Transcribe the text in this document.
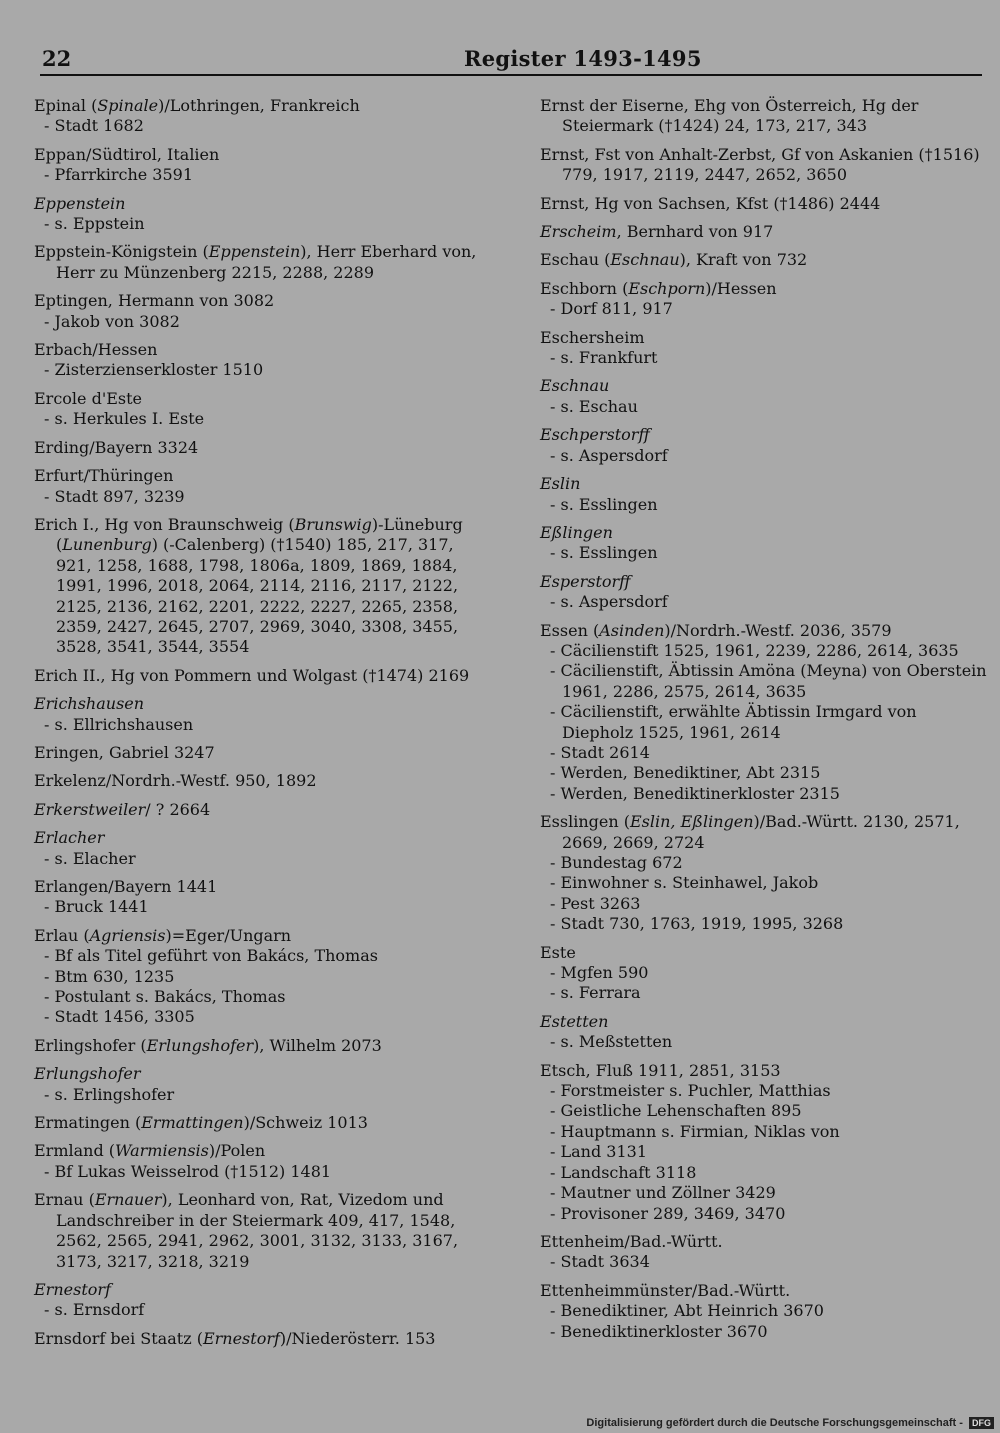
22	Register 1493-1495
Epinal (Spinale)/Lothringen, Frankreich
- Stadt 1682
Eppan/Südtirol, Italien
- Pfarrkirche 3591
Eppenstein
- s. Eppstein
Eppstein-Königstein (Eppenstein), Herr Eberhard von, Herr zu Münzenberg 2215, 2288, 2289
Eptingen, Hermann von 3082
- Jakob von 3082
Erbach/Hessen
- Zisterzienserkloster 1510
Ercole d'Este
- s. Herkules I. Este
Erding/Bayern 3324
Erfurt/Thüringen
- Stadt 897, 3239
Erich I., Hg von Braunschweig (Brunswig)-Lüneburg (Lunenburg) (-Calenberg) (†1540) 185, 217, 317, 921, 1258, 1688, 1798, 1806a, 1809, 1869, 1884, 1991, 1996, 2018, 2064, 2114, 2116, 2117, 2122, 2125, 2136, 2162, 2201, 2222, 2227, 2265, 2358, 2359, 2427, 2645, 2707, 2969, 3040, 3308, 3455, 3528, 3541, 3544, 3554
Erich II., Hg von Pommern und Wolgast (†1474) 2169
Erichshausen
- s. Ellrichshausen
Eringen, Gabriel 3247
Erkelenz/Nordrh.-Westf. 950, 1892
Erkerstweiler/ ? 2664
Erlacher
- s. Elacher
Erlangen/Bayern 1441
- Bruck 1441
Erlau (Agriensis)=Eger/Ungarn
- Bf als Titel geführt von Bakács, Thomas
- Btm 630, 1235
- Postulant s. Bakács, Thomas
- Stadt 1456, 3305
Erlingshofer (Erlungshofer), Wilhelm 2073
Erlungshofer
- s. Erlingshofer
Ermatingen (Ermattingen)/Schweiz 1013
Ermland (Warmiensis)/Polen
- Bf Lukas Weisselrod (†1512) 1481
Ernau (Ernauer), Leonhard von, Rat, Vizedom und Landschreiber in der Steiermark 409, 417, 1548, 2562, 2565, 2941, 2962, 3001, 3132, 3133, 3167, 3173, 3217, 3218, 3219
Ernestorf
- s. Ernsdorf
Ernsdorf bei Staatz (Ernestorf)/Niederösterr. 153
Ernst der Eiserne, Ehg von Österreich, Hg der Steiermark (†1424) 24, 173, 217, 343
Ernst, Fst von Anhalt-Zerbst, Gf von Askanien (†1516) 779, 1917, 2119, 2447, 2652, 3650
Ernst, Hg von Sachsen, Kfst (†1486) 2444
Erscheim, Bernhard von 917
Eschau (Eschnau), Kraft von 732
Eschborn (Eschporn)/Hessen
- Dorf 811, 917
Eschersheim
- s. Frankfurt
Eschnau
- s. Eschau
Eschperstorff
- s. Aspersdorf
Eslin
- s. Esslingen
Eßlingen
- s. Esslingen
Esperstorff
- s. Aspersdorf
Essen (Asinden)/Nordrh.-Westf. 2036, 3579
- Cäcilienstift 1525, 1961, 2239, 2286, 2614, 3635
- Cäcilienstift, Äbtissin Amöna (Meyna) von Oberstein 1961, 2286, 2575, 2614, 3635
- Cäcilienstift, erwählte Äbtissin Irmgard von Diepholz 1525, 1961, 2614
- Stadt 2614
- Werden, Benediktiner, Abt 2315
- Werden, Benediktinerkloster 2315
Esslingen (Eslin, Eßlingen)/Bad.-Württ. 2130, 2571, 2669, 2669, 2724
- Bundestag 672
- Einwohner s. Steinhawel, Jakob
- Pest 3263
- Stadt 730, 1763, 1919, 1995, 3268
Este
- Mgfen 590
- s. Ferrara
Estetten
- s. Meßstetten
Etsch, Fluß 1911, 2851, 3153
- Forstmeister s. Puchler, Matthias
- Geistliche Lehenschaften 895
- Hauptmann s. Firmian, Niklas von
- Land 3131
- Landschaft 3118
- Mautner und Zöllner 3429
- Provisoner 289, 3469, 3470
Ettenheim/Bad.-Württ.
- Stadt 3634
Ettenheimmünster/Bad.-Württ.
- Benediktiner, Abt Heinrich 3670
- Benediktinerkloster 3670
Digitalisierung gefördert durch die Deutsche Forschungsgemeinschaft - DFG
